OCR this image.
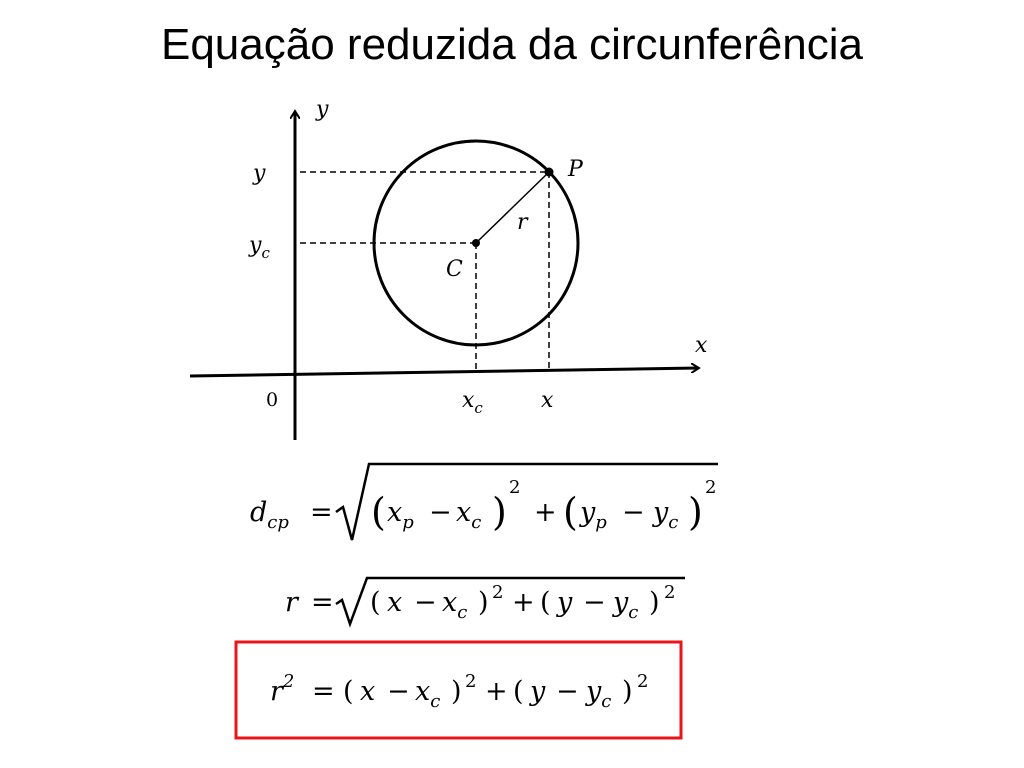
Equação reduzida da circunferência
y
x
0
y
$y_c$
$x_c$	x
P
C
r
$d_{cp}$ = ( $x_p - x_c$ )
2
+ ( $y_p - y_c$ )
2
r = ( $x - x_c$ ) 2 + ( $y - y_c$ ) 2
$r^2$ = ( $x - x_c$ ) 2 + ( $y - y_c$ ) 2
